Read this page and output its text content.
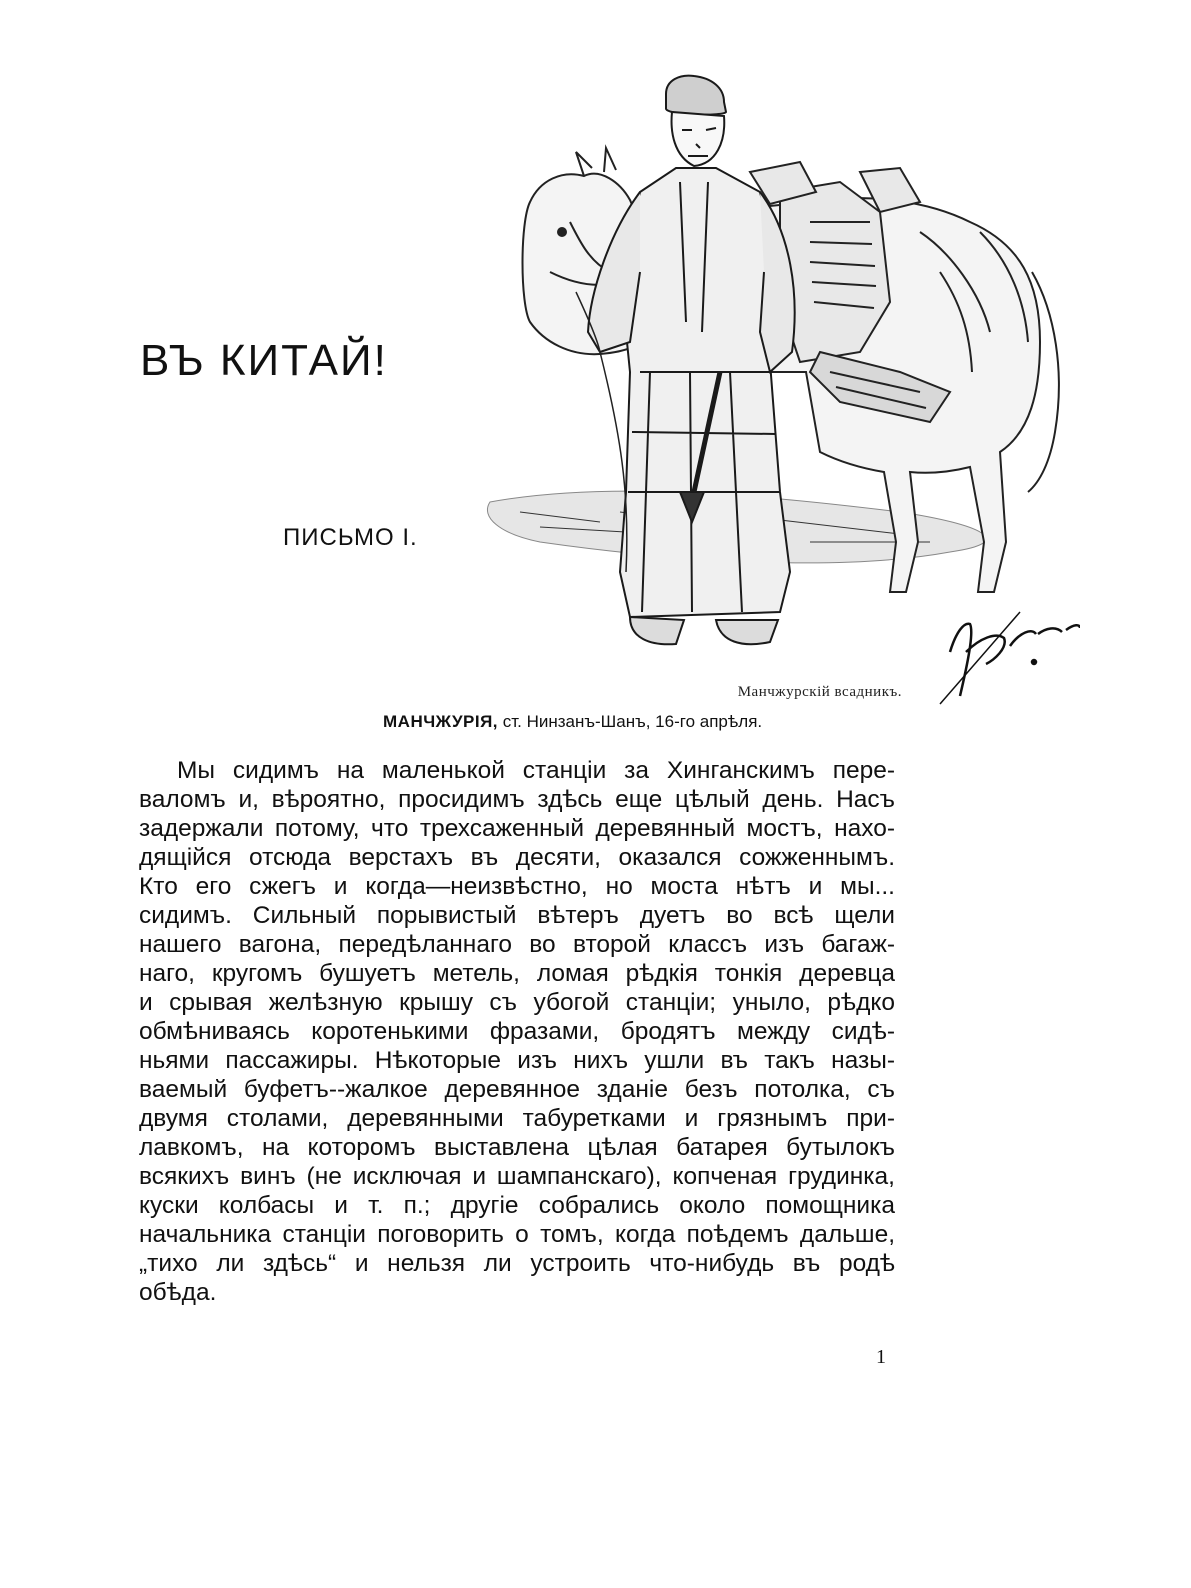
ВЪ КИТАЙ!
ПИСЬМО I.
Манчжурскій всадникъ.
МАНЧЖУРІЯ, ст. Нинзанъ-Шанъ, 16-го апрѣля.
Мы сидимъ на маленькой станціи за Хинганскимъ пере-
валомъ и, вѣроятно, просидимъ здѣсь еще цѣлый день. Насъ
задержали потому, что трехсаженный деревянный мостъ, нахо-
дящійся отсюда верстахъ въ десяти, оказался сожженнымъ.
Кто его сжегъ и когда—неизвѣстно, но моста нѣтъ и мы...
сидимъ. Сильный порывистый вѣтеръ дуетъ во всѣ щели
нашего вагона, передѣланнаго во второй классъ изъ багаж-
наго, кругомъ бушуетъ метель, ломая рѣдкія тонкія деревца
и срывая желѣзную крышу съ убогой станціи; уныло, рѣдко
обмѣниваясь коротенькими фразами, бродятъ между сидѣ-
ньями пассажиры. Нѣкоторые изъ нихъ ушли въ такъ назы-
ваемый буфетъ--жалкое деревянное зданіе безъ потолка, съ
двумя столами, деревянными табуретками и грязнымъ при-
лавкомъ, на которомъ выставлена цѣлая батарея бутылокъ
всякихъ винъ (не исключая и шампанскаго), копченая грудинка,
куски колбасы и т. п.; другіе собрались около помощника
начальника станціи поговорить о томъ, когда поѣдемъ дальше,
„тихо ли здѣсь“ и нельзя ли устроить что-нибудь въ родѣ
обѣда.
1
